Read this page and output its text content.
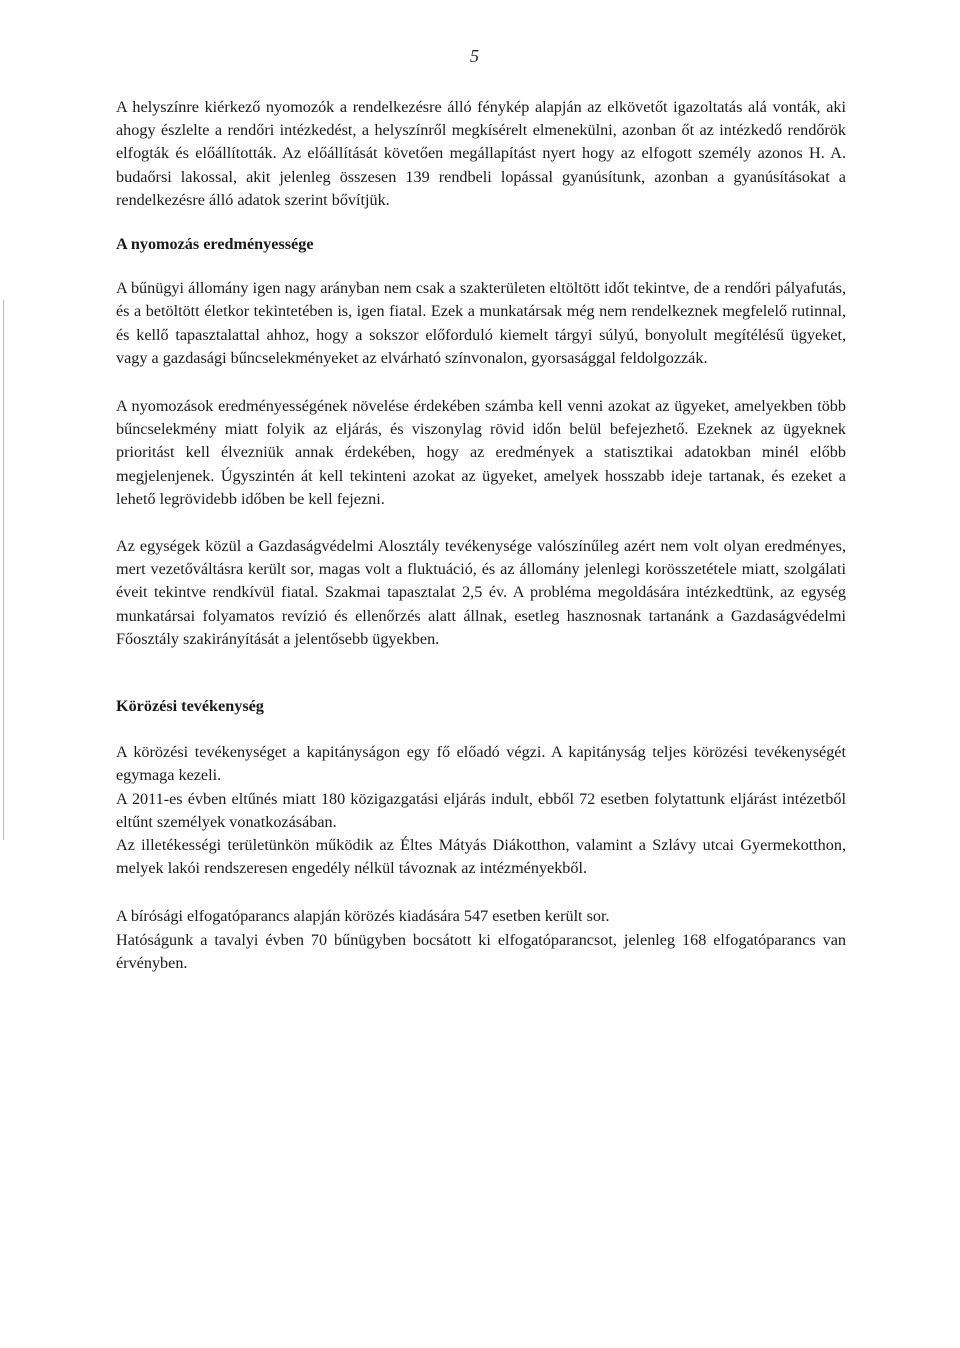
5

A helyszínre kiérkező nyomozók a rendelkezésre álló fénykép alapján az elkövetőt igazoltatás alá vonták, aki ahogy észlelte a rendőri intézkedést, a helyszínről megkísérelt elmenekülni, azonban őt az intézkedő rendőrök elfogták és előállították. Az előállítását követően megállapítást nyert hogy az elfogott személy azonos H. A. budaőrsi lakossal, akit jelenleg összesen 139 rendbeli lopással gyanúsítunk, azonban a gyanúsításokat a rendelkezésre álló adatok szerint bővítjük.

A nyomozás eredményessége

A bűnügyi állomány igen nagy arányban nem csak a szakterületen eltöltött időt tekintve, de a rendőri pályafutás, és a betöltött életkor tekintetében is, igen fiatal. Ezek a munkatársak még nem rendelkeznek megfelelő rutinnal, és kellő tapasztalattal ahhoz, hogy a sokszor előforduló kiemelt tárgyi súlyú, bonyolult megítélésű ügyeket, vagy a gazdasági bűncselekményeket az elvárható színvonalon, gyorsasággal feldolgozzák.

A nyomozások eredményességének növelése érdekében számba kell venni azokat az ügyeket, amelyekben több bűncselekmény miatt folyik az eljárás, és viszonylag rövid időn belül befejezhető. Ezeknek az ügyeknek prioritást kell élvezniük annak érdekében, hogy az eredmények a statisztikai adatokban minél előbb megjelenjenek. Úgyszintén át kell tekinteni azokat az ügyeket, amelyek hosszabb ideje tartanak, és ezeket a lehető legrövidebb időben be kell fejezni.

Az egységek közül a Gazdaságvédelmi Alosztály tevékenysége valószínűleg azért nem volt olyan eredményes, mert vezetőváltásra került sor, magas volt a fluktuáció, és az állomány jelenlegi korösszetétele miatt, szolgálati éveit tekintve rendkívül fiatal. Szakmai tapasztalat 2,5 év. A probléma megoldására intézkedtünk, az egység munkatársai folyamatos revízió és ellenőrzés alatt állnak, esetleg hasznosnak tartanánk a Gazdaságvédelmi Főosztály szakirányítását a jelentősebb ügyekben.

Körözési tevékenység

A körözési tevékenységet a kapitányságon egy fő előadó végzi. A kapitányság teljes körözési tevékenységét egymaga kezeli.

A 2011-es évben eltűnés miatt 180 közigazgatási eljárás indult, ebből 72 esetben folytattunk eljárást intézetből eltűnt személyek vonatkozásában.

Az illetékességi területünkön működik az Éltes Mátyás Diákotthon, valamint a Szlávy utcai Gyermekotthon, melyek lakói rendszeresen engedély nélkül távoznak az intézményekből.

A bírósági elfogatóparancs alapján körözés kiadására 547 esetben került sor.

Hatóságunk a tavalyi évben 70 bűnügyben bocsátott ki elfogatóparancsot, jelenleg 168 elfogatóparancs van érvényben.
